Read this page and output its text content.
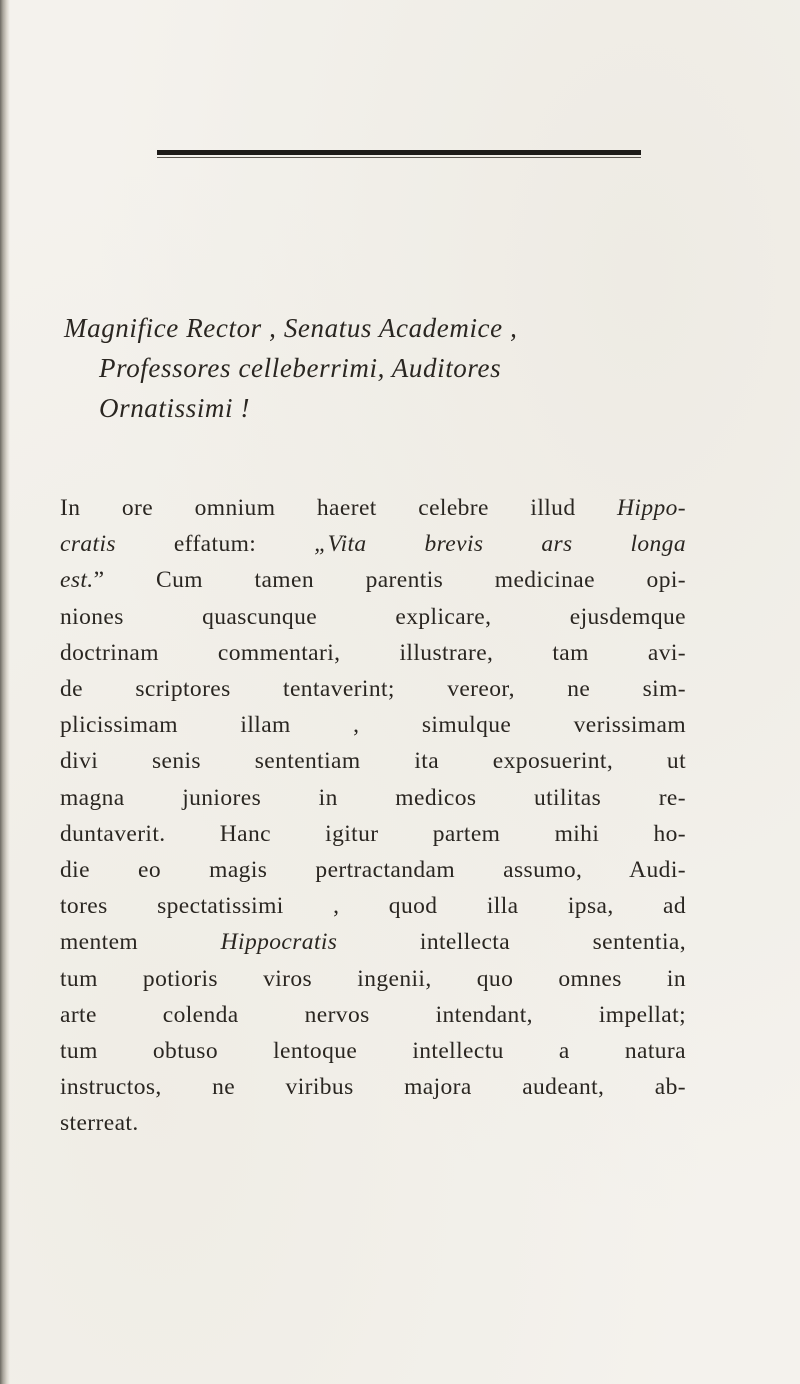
Magnifice Rector , Senatus Academice ,
Professores celleberrimi, Auditores
Ornatissimi !
In ore omnium haeret celebre illud Hippo-
cratis effatum: „Vita brevis ars longa
est.” Cum tamen parentis medicinae opi-
niones quascunque explicare, ejusdemque
doctrinam commentari, illustrare, tam avi-
de scriptores tentaverint; vereor, ne sim-
plicissimam illam , simulque verissimam
divi senis sententiam ita exposuerint, ut
magna juniores in medicos utilitas re-
duntaverit. Hanc igitur partem mihi ho-
die eo magis pertractandam assumo, Audi-
tores spectatissimi , quod illa ipsa, ad
mentem Hippocratis intellecta sententia,
tum potioris viros ingenii, quo omnes in
arte colenda nervos intendant, impellat;
tum obtuso lentoque intellectu a natura
instructos, ne viribus majora audeant, ab-
sterreat.
